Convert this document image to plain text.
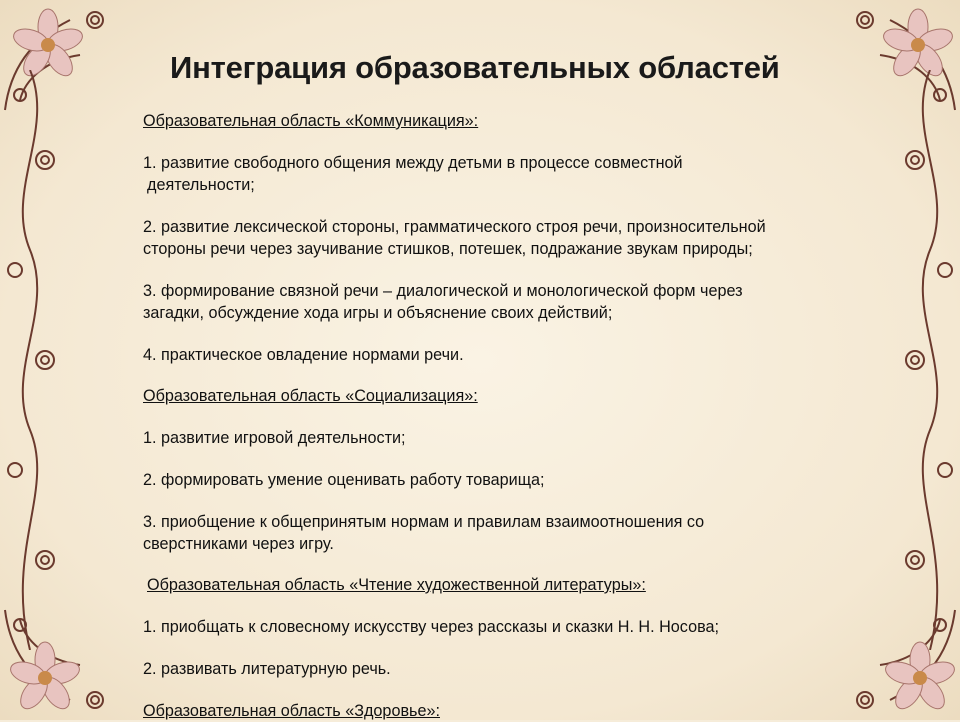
Интеграция образовательных областей

Образовательная область «Коммуникация»:

1. развитие свободного общения между детьми в процессе совместной

деятельности;

2. развитие лексической стороны, грамматического строя речи, произносительной

стороны речи через заучивание стишков, потешек, подражание звукам природы;

3. формирование связной речи – диалогической и монологической форм через

загадки, обсуждение хода игры и объяснение своих действий;

4. практическое овладение нормами речи.

Образовательная область «Социализация»:

1. развитие игровой деятельности;

2. формировать умение оценивать работу товарища;

3. приобщение к общепринятым нормам и правилам взаимоотношения со

сверстниками через игру.

Образовательная область «Чтение художественной литературы»:

1. приобщать к словесному искусству через рассказы и сказки Н. Н. Носова;

2. развивать литературную речь.

Образовательная область «Здоровье»:
